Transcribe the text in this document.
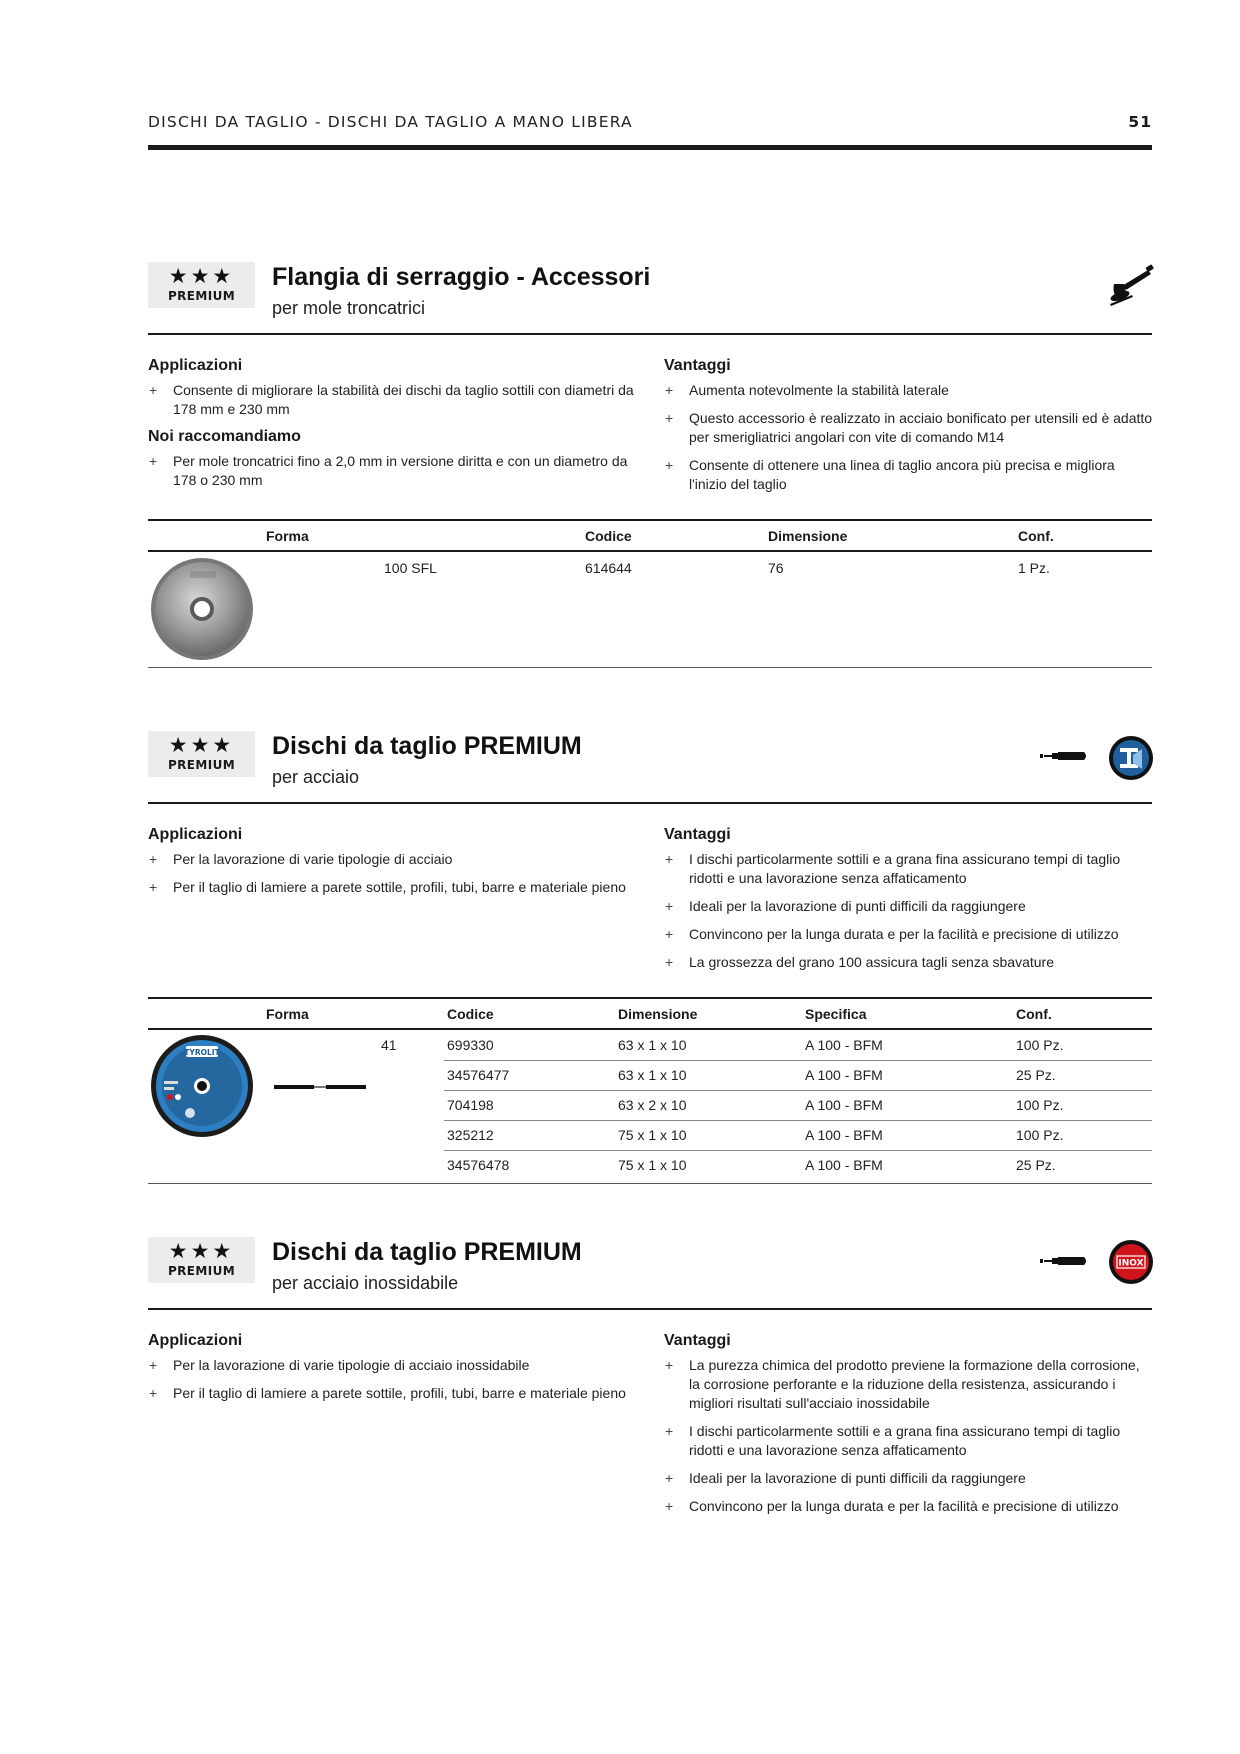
DISCHI DA TAGLIO - DISCHI DA TAGLIO A MANO LIBERA	51
★★★
PREMIUM
Flangia di serraggio - Accessori
per mole troncatrici
Applicazioni
+ Consente di migliorare la stabilità dei dischi da taglio sottili con diametri da 178 mm e 230 mm
Noi raccomandiamo
+ Per mole troncatrici fino a 2,0 mm in versione diritta e con un diametro da 178 o 230 mm
Vantaggi
+ Aumenta notevolmente la stabilità laterale
+ Questo accessorio è realizzato in acciaio bonificato per utensili ed è adatto per smerigliatrici angolari con vite di comando M14
+ Consente di ottenere una linea di taglio ancora più precisa e migliora l'inizio del taglio
Forma	Codice	Dimensione	Conf.
100 SFL	614644	76	1 Pz.
★★★
PREMIUM
Dischi da taglio PREMIUM
per acciaio
Applicazioni
+ Per la lavorazione di varie tipologie di acciaio
+ Per il taglio di lamiere a parete sottile, profili, tubi, barre e materiale pieno
Vantaggi
+ I dischi particolarmente sottili e a grana fina assicurano tempi di taglio ridotti e una lavorazione senza affaticamento
+ Ideali per la lavorazione di punti difficili da raggiungere
+ Convincono per la lunga durata e per la facilità e precisione di utilizzo
+ La grossezza del grano 100 assicura tagli senza sbavature
Forma	Codice	Dimensione	Specifica	Conf.
TYROLIT	41	699330	63 x 1 x 10	A 100 - BFM	100 Pz.
34576477	63 x 1 x 10	A 100 - BFM	25 Pz.
704198	63 x 2 x 10	A 100 - BFM	100 Pz.
325212	75 x 1 x 10	A 100 - BFM	100 Pz.
34576478	75 x 1 x 10	A 100 - BFM	25 Pz.
★★★
PREMIUM
Dischi da taglio PREMIUM
per acciaio inossidabile
INOX
Applicazioni
+ Per la lavorazione di varie tipologie di acciaio inossidabile
+ Per il taglio di lamiere a parete sottile, profili, tubi, barre e materiale pieno
Vantaggi
+ La purezza chimica del prodotto previene la formazione della corrosione, la corrosione perforante e la riduzione della resistenza, assicurando i migliori risultati sull'acciaio inossidabile
+ I dischi particolarmente sottili e a grana fina assicurano tempi di taglio ridotti e una lavorazione senza affaticamento
+ Ideali per la lavorazione di punti difficili da raggiungere
+ Convincono per la lunga durata e per la facilità e precisione di utilizzo
